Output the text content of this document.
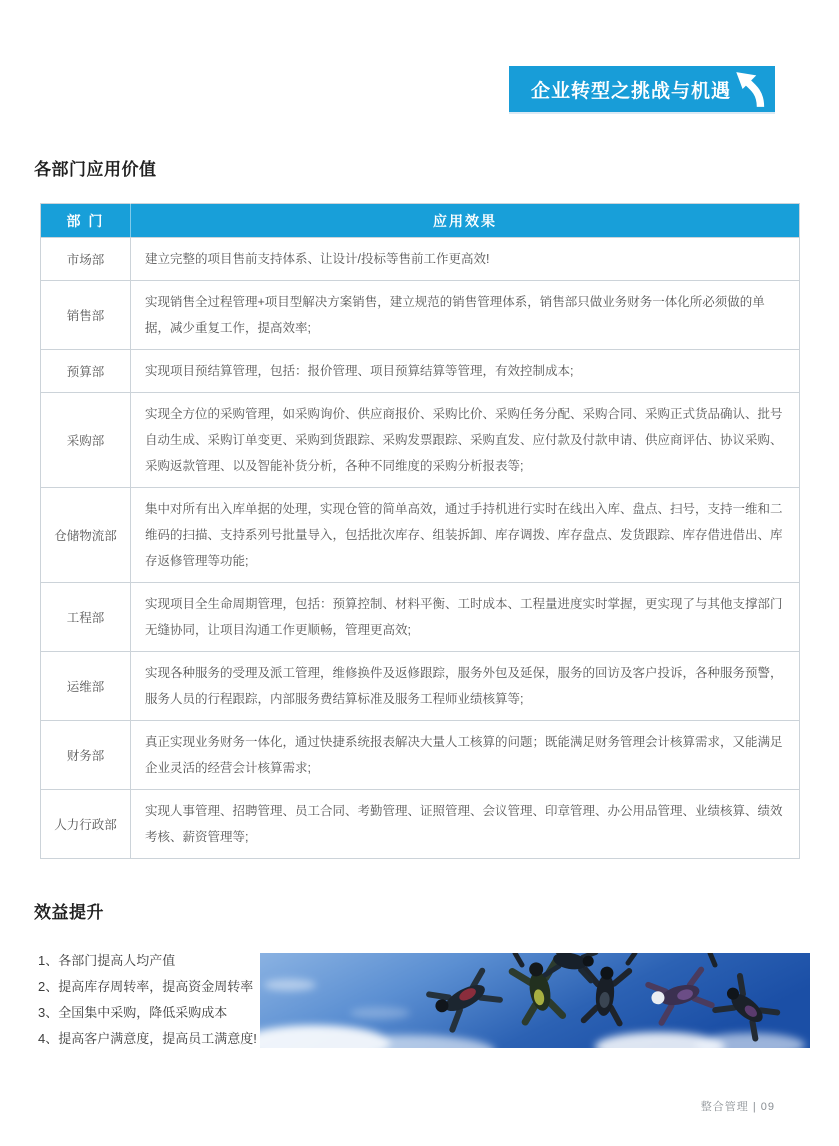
企业转型之挑战与机遇
各部门应用价值
部 门	应用效果
市场部	建立完整的项目售前支持体系、让设计/投标等售前工作更高效!
销售部	实现销售全过程管理+项目型解决方案销售，建立规范的销售管理体系，销售部只做业务财务一体化所必须做的单据，减少重复工作，提高效率;
预算部	实现项目预结算管理，包括：报价管理、项目预算结算等管理，有效控制成本;
采购部	实现全方位的采购管理，如采购询价、供应商报价、采购比价、采购任务分配、采购合同、采购正式货品确认、批号自动生成、采购订单变更、采购到货跟踪、采购发票跟踪、采购直发、应付款及付款申请、供应商评估、协议采购、采购返款管理、以及智能补货分析，各种不同维度的采购分析报表等;
仓储物流部	集中对所有出入库单据的处理，实现仓管的简单高效，通过手持机进行实时在线出入库、盘点、扫号，支持一维和二维码的扫描、支持系列号批量导入，包括批次库存、组装拆卸、库存调拨、库存盘点、发货跟踪、库存借进借出、库存返修管理等功能;
工程部	实现项目全生命周期管理，包括：预算控制、材料平衡、工时成本、工程量进度实时掌握，更实现了与其他支撑部门无缝协同，让项目沟通工作更顺畅，管理更高效;
运维部	实现各种服务的受理及派工管理，维修换件及返修跟踪，服务外包及延保，服务的回访及客户投诉，各种服务预警，服务人员的行程跟踪，内部服务费结算标准及服务工程师业绩核算等;
财务部	真正实现业务财务一体化，通过快捷系统报表解决大量人工核算的问题；既能满足财务管理会计核算需求，又能满足企业灵活的经营会计核算需求;
人力行政部	实现人事管理、招聘管理、员工合同、考勤管理、证照管理、会议管理、印章管理、办公用品管理、业绩核算、绩效考核、薪资管理等;
效益提升
1、各部门提高人均产值
2、提高库存周转率，提高资金周转率
3、全国集中采购，降低采购成本
4、提高客户满意度，提高员工满意度!
整合管理 | 09
